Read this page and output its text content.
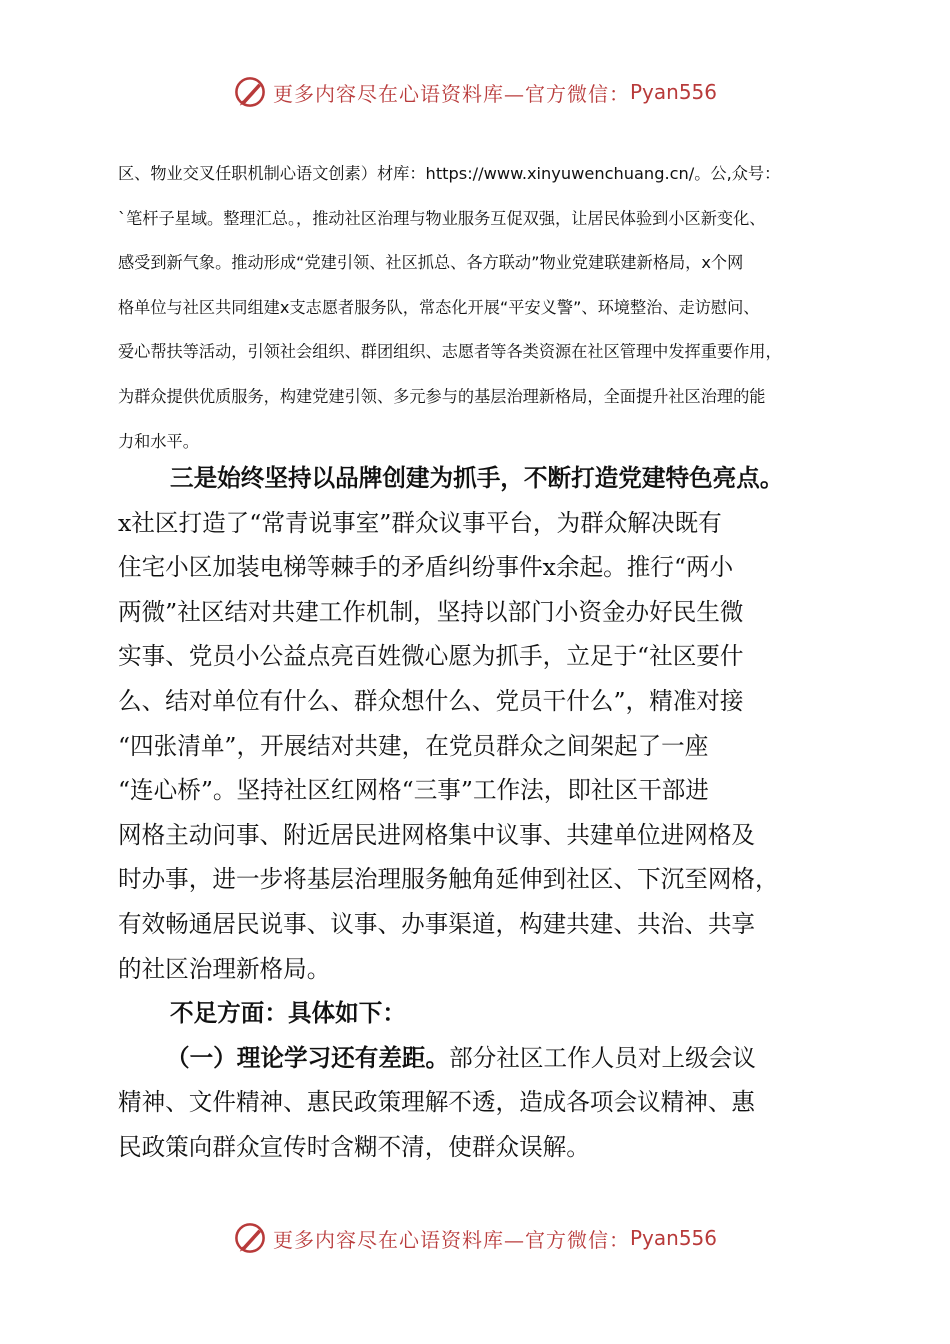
更多内容尽在心语资料库—官方微信： Pyan556
区、物业交叉任职机制心语文创素）材库：https://www.xinyuwenchuang.cn/。公,众号：
`笔杆子星域。整理汇总。，推动社区治理与物业服务互促双强，让居民体验到小区新变化、
感受到新气象。推动形成“党建引领、社区抓总、各方联动”物业党建联建新格局，x个网
格单位与社区共同组建x支志愿者服务队，常态化开展“平安义警”、环境整治、走访慰问、
爱心帮扶等活动，引领社会组织、群团组织、志愿者等各类资源在社区管理中发挥重要作用，
为群众提供优质服务，构建党建引领、多元参与的基层治理新格局，全面提升社区治理的能
力和水平。
三是始终坚持以品牌创建为抓手，不断打造党建特色亮点。
x社区打造了“常青说事室”群众议事平台，为群众解决既有
住宅小区加装电梯等棘手的矛盾纠纷事件x余起。推行“两小
两微”社区结对共建工作机制，坚持以部门小资金办好民生微
实事、党员小公益点亮百姓微心愿为抓手，立足于“社区要什
么、结对单位有什么、群众想什么、党员干什么”，精准对接
“四张清单”，开展结对共建，在党员群众之间架起了一座
“连心桥”。坚持社区红网格“三事”工作法，即社区干部进
网格主动问事、附近居民进网格集中议事、共建单位进网格及
时办事，进一步将基层治理服务触角延伸到社区、下沉至网格，
有效畅通居民说事、议事、办事渠道，构建共建、共治、共享
的社区治理新格局。
不足方面：具体如下：
（一）理论学习还有差距。部分社区工作人员对上级会议
精神、文件精神、惠民政策理解不透，造成各项会议精神、惠
民政策向群众宣传时含糊不清，使群众误解。
更多内容尽在心语资料库—官方微信： Pyan556
